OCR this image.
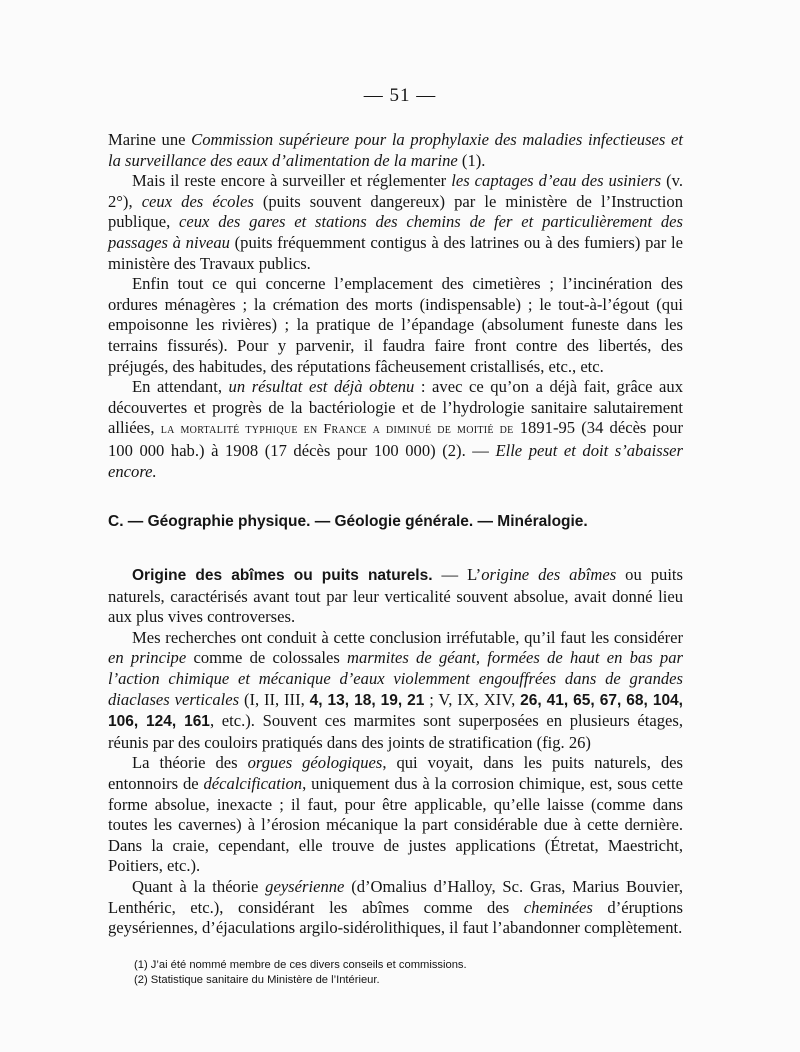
— 51 —

Marine une Commission supérieure pour la prophylaxie des maladies infectieuses et la surveillance des eaux d’alimentation de la marine (1).

Mais il reste encore à surveiller et réglementer les captages d’eau des usiniers (v. 2°), ceux des écoles (puits souvent dangereux) par le ministère de l’Instruction publique, ceux des gares et stations des chemins de fer et particulièrement des passages à niveau (puits fréquemment contigus à des latrines ou à des fumiers) par le ministère des Travaux publics.

Enfin tout ce qui concerne l’emplacement des cimetières ; l’incinération des ordures ménagères ; la crémation des morts (indispensable) ; le tout-à-l’égout (qui empoisonne les rivières) ; la pratique de l’épandage (absolument funeste dans les terrains fissurés). Pour y parvenir, il faudra faire front contre des libertés, des préjugés, des habitudes, des réputations fâcheusement cristallisés, etc., etc.

En attendant, un résultat est déjà obtenu : avec ce qu’on a déjà fait, grâce aux découvertes et progrès de la bactériologie et de l’hydrologie sanitaire salutairement alliées, la mortalité typhique en France a diminué de moitié de 1891-95 (34 décès pour 100 000 hab.) à 1908 (17 décès pour 100 000) (2). — Elle peut et doit s’abaisser encore.

C. — Géographie physique. — Géologie générale. — Minéralogie.

Origine des abîmes ou puits naturels. — L’origine des abîmes ou puits naturels, caractérisés avant tout par leur verticalité souvent absolue, avait donné lieu aux plus vives controverses.

Mes recherches ont conduit à cette conclusion irréfutable, qu’il faut les considérer en principe comme de colossales marmites de géant, formées de haut en bas par l’action chimique et mécanique d’eaux violemment engouffrées dans de grandes diaclases verticales (I, II, III, 4, 13, 18, 19, 21 ; V, IX, XIV, 26, 41, 65, 67, 68, 104, 106, 124, 161, etc.). Souvent ces marmites sont superposées en plusieurs étages, réunis par des couloirs pratiqués dans des joints de stratification (fig. 26)

La théorie des orgues géologiques, qui voyait, dans les puits naturels, des entonnoirs de décalcification, uniquement dus à la corrosion chimique, est, sous cette forme absolue, inexacte ; il faut, pour être applicable, qu’elle laisse (comme dans toutes les cavernes) à l’érosion mécanique la part considérable due à cette dernière. Dans la craie, cependant, elle trouve de justes applications (Étretat, Maestricht, Poitiers, etc.).

Quant à la théorie geysérienne (d’Omalius d’Halloy, Sc. Gras, Marius Bouvier, Lenthéric, etc.), considérant les abîmes comme des cheminées d’éruptions geysériennes, d’éjaculations argilo-sidérolithiques, il faut l’abandonner complètement.

(1) J’ai été nommé membre de ces divers conseils et commissions.
(2) Statistique sanitaire du Ministère de l’Intérieur.
